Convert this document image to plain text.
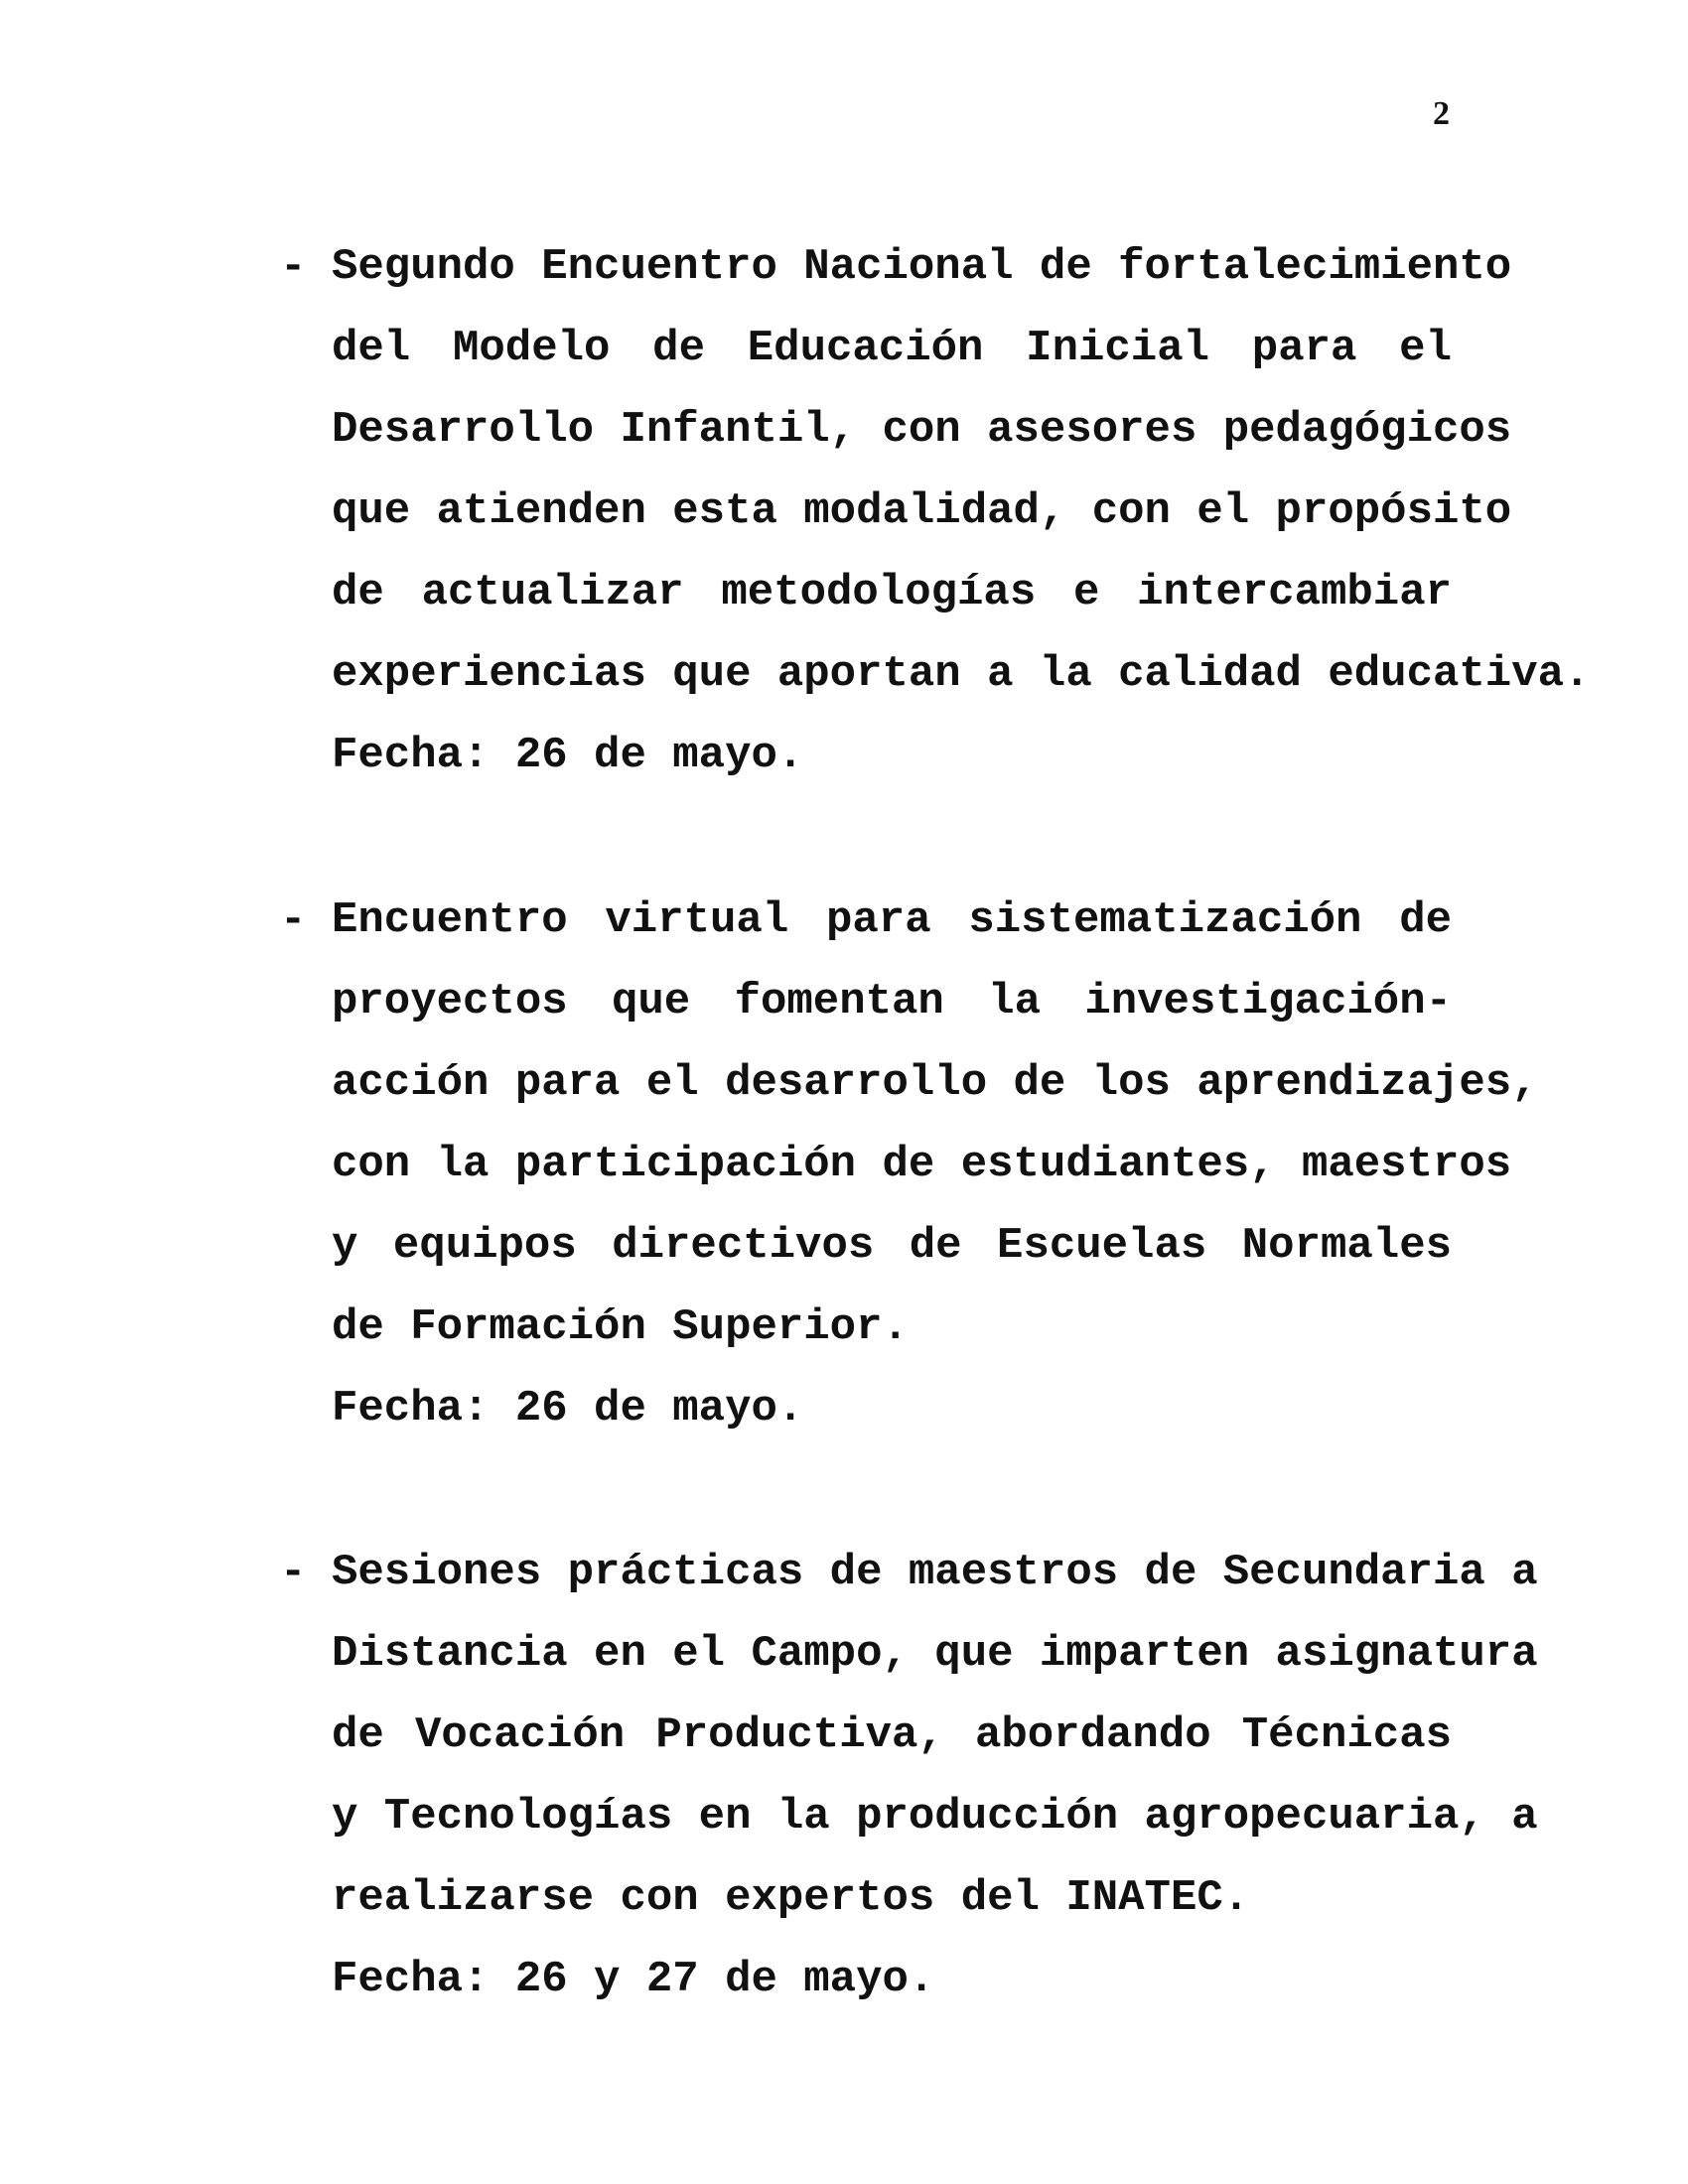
2
- Segundo Encuentro Nacional de fortalecimiento
del Modelo de Educación Inicial para el
Desarrollo Infantil, con asesores pedagógicos
que atienden esta modalidad, con el propósito
de actualizar metodologías e intercambiar
experiencias que aportan a la calidad educativa.
Fecha: 26 de mayo.
- Encuentro virtual para sistematización de
proyectos que fomentan la investigación-
acción para el desarrollo de los aprendizajes,
con la participación de estudiantes, maestros
y equipos directivos de Escuelas Normales
de Formación Superior.
Fecha: 26 de mayo.
- Sesiones prácticas de maestros de Secundaria a
Distancia en el Campo, que imparten asignatura
de Vocación Productiva, abordando Técnicas
y Tecnologías en la producción agropecuaria, a
realizarse con expertos del INATEC.
Fecha: 26 y 27 de mayo.
